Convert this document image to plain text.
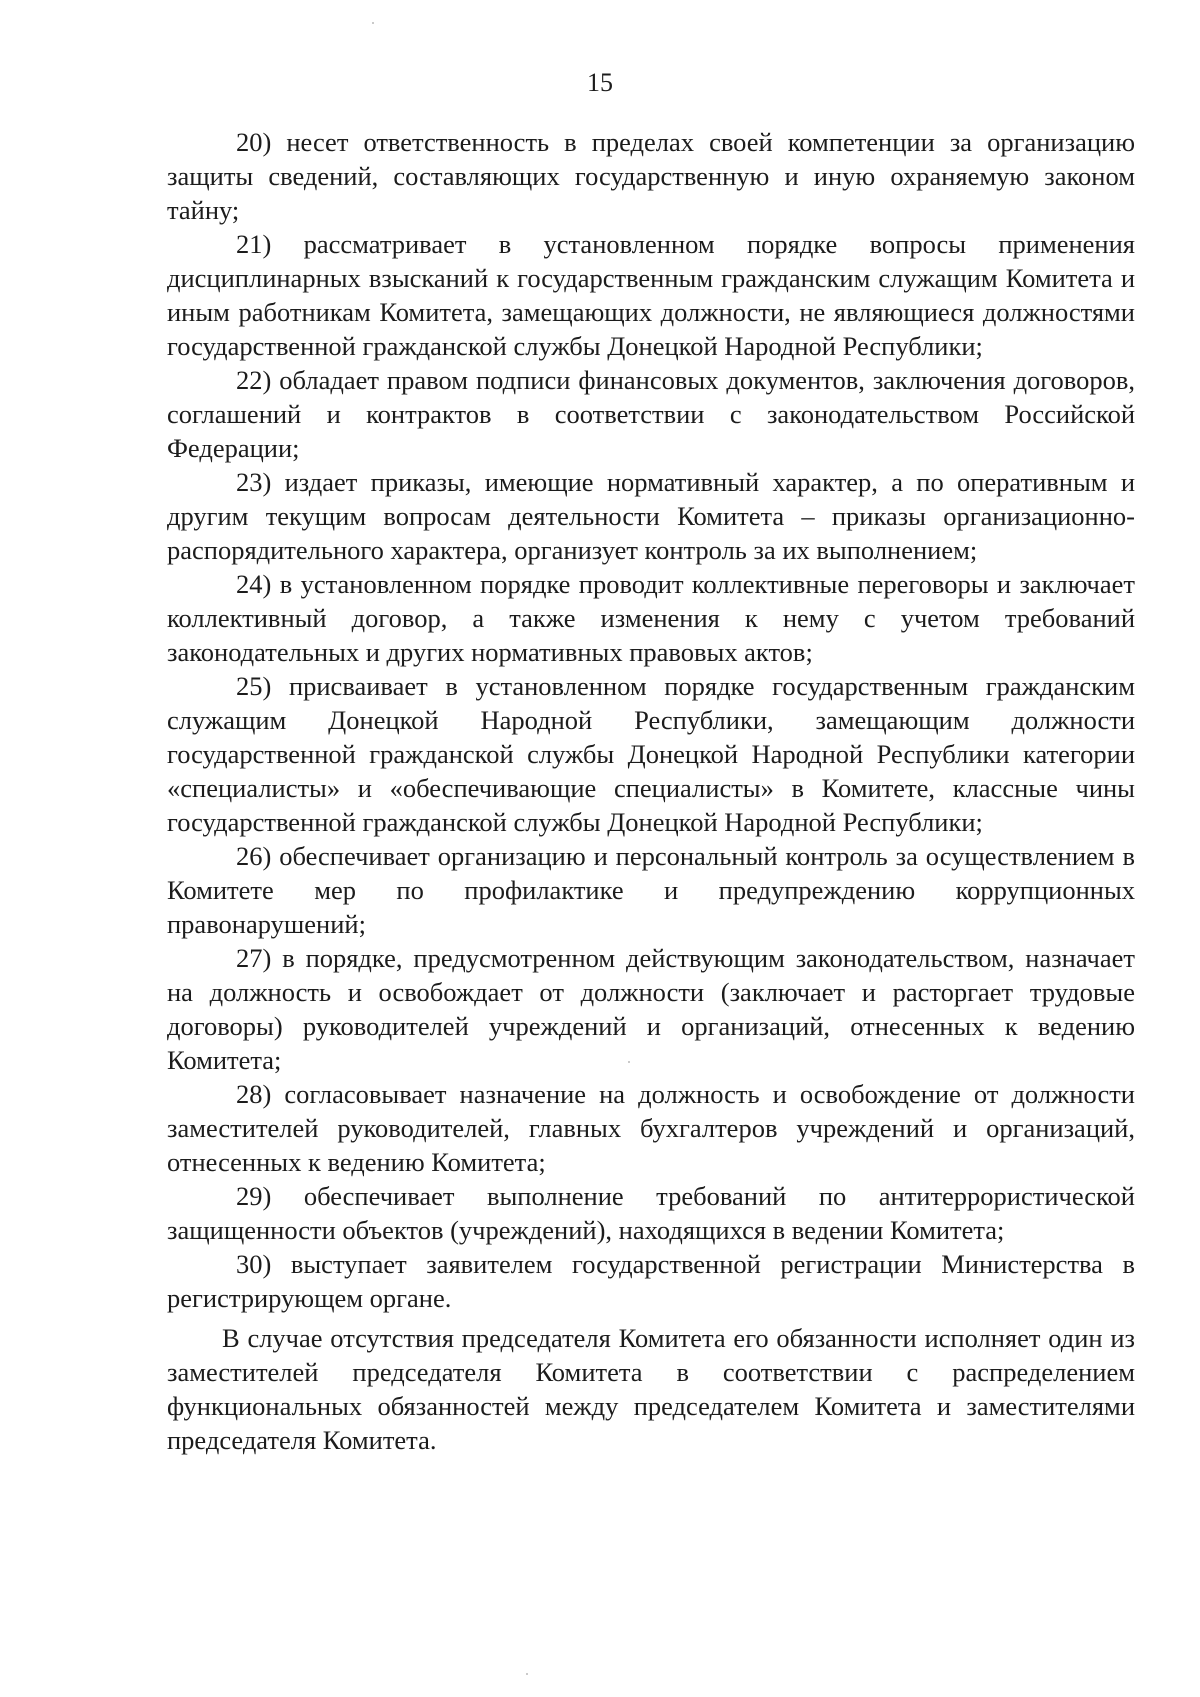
15

20) несет ответственность в пределах своей компетенции за организацию защиты сведений, составляющих государственную и иную охраняемую законом тайну;

21) рассматривает в установленном порядке вопросы применения дисциплинарных взысканий к государственным гражданским служащим Комитета и иным работникам Комитета, замещающих должности, не являющиеся должностями государственной гражданской службы Донецкой Народной Республики;

22) обладает правом подписи финансовых документов, заключения договоров, соглашений и контрактов в соответствии с законодательством Российской Федерации;

23) издает приказы, имеющие нормативный характер, а по оперативным и другим текущим вопросам деятельности Комитета – приказы организационно-распорядительного характера, организует контроль за их выполнением;

24) в установленном порядке проводит коллективные переговоры и заключает коллективный договор, а также изменения к нему с учетом требований законодательных и других нормативных правовых актов;

25) присваивает в установленном порядке государственным гражданским служащим Донецкой Народной Республики, замещающим должности государственной гражданской службы Донецкой Народной Республики категории «специалисты» и «обеспечивающие специалисты» в Комитете, классные чины государственной гражданской службы Донецкой Народной Республики;

26) обеспечивает организацию и персональный контроль за осуществлением в Комитете мер по профилактике и предупреждению коррупционных правонарушений;

27) в порядке, предусмотренном действующим законодательством, назначает на должность и освобождает от должности (заключает и расторгает трудовые договоры) руководителей учреждений и организаций, отнесенных к ведению Комитета;

28) согласовывает назначение на должность и освобождение от должности заместителей руководителей, главных бухгалтеров учреждений и организаций, отнесенных к ведению Комитета;

29) обеспечивает выполнение требований по антитеррористической защищенности объектов (учреждений), находящихся в ведении Комитета;

30) выступает заявителем государственной регистрации Министерства в регистрирующем органе.

В случае отсутствия председателя Комитета его обязанности исполняет один из заместителей председателя Комитета в соответствии с распределением функциональных обязанностей между председателем Комитета и заместителями председателя Комитета.
